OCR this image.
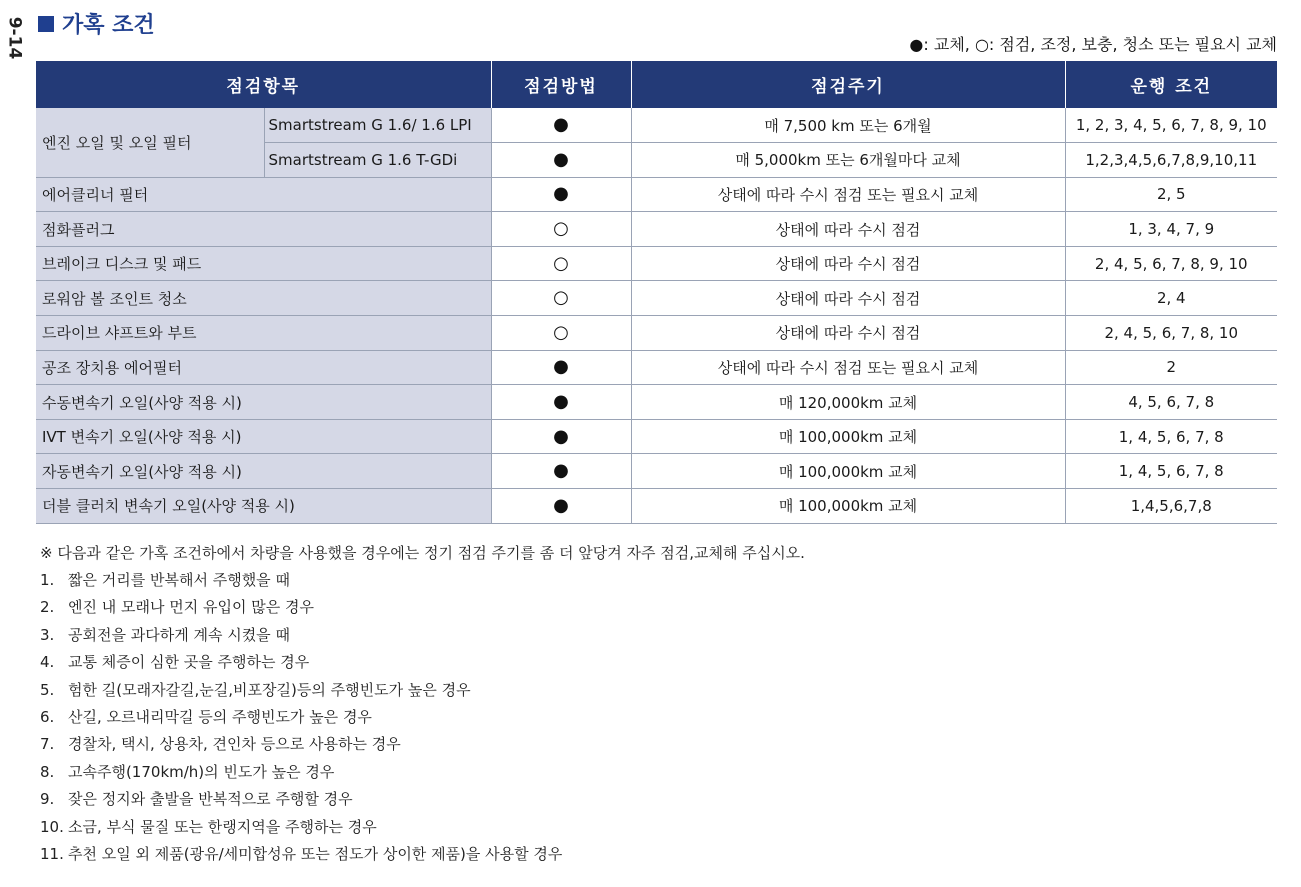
9-14 가혹 조건
●: 교체, ○: 점검, 조정, 보충, 청소 또는 필요시 교체
점검항목		점검방법	점검주기	운행 조건
엔진 오일 및 오일 필터	Smartstream G 1.6/ 1.6 LPI	●	매 7,500 km 또는 6개월	1, 2, 3, 4, 5, 6, 7, 8, 9, 10
	Smartstream G 1.6 T-GDi	●	매 5,000km 또는 6개월마다 교체	1,2,3,4,5,6,7,8,9,10,11
에어클리너 필터		●	상태에 따라 수시 점검 또는 필요시 교체	2, 5
점화플러그		○	상태에 따라 수시 점검	1, 3, 4, 7, 9
브레이크 디스크 및 패드		○	상태에 따라 수시 점검	2, 4, 5, 6, 7, 8, 9, 10
로워암 볼 조인트 청소		○	상태에 따라 수시 점검	2, 4
드라이브 샤프트와 부트		○	상태에 따라 수시 점검	2, 4, 5, 6, 7, 8, 10
공조 장치용 에어필터		●	상태에 따라 수시 점검 또는 필요시 교체	2
수동변속기 오일(사양 적용 시)		●	매 120,000km 교체	4, 5, 6, 7, 8
IVT 변속기 오일(사양 적용 시)		●	매 100,000km 교체	1, 4, 5, 6, 7, 8
자동변속기 오일(사양 적용 시)		●	매 100,000km 교체	1, 4, 5, 6, 7, 8
더블 클러치 변속기 오일(사양 적용 시)		●	매 100,000km 교체	1,4,5,6,7,8
※ 다음과 같은 가혹 조건하에서 차량을 사용했을 경우에는 정기 점검 주기를 좀 더 앞당겨 자주 점검,교체해 주십시오.
1. 짧은 거리를 반복해서 주행했을 때
2. 엔진 내 모래나 먼지 유입이 많은 경우
3. 공회전을 과다하게 계속 시켰을 때
4. 교통 체증이 심한 곳을 주행하는 경우
5. 험한 길(모래자갈길,눈길,비포장길)등의 주행빈도가 높은 경우
6. 산길, 오르내리막길 등의 주행빈도가 높은 경우
7. 경찰차, 택시, 상용차, 견인차 등으로 사용하는 경우
8. 고속주행(170km/h)의 빈도가 높은 경우
9. 잦은 정지와 출발을 반복적으로 주행할 경우
10. 소금, 부식 물질 또는 한랭지역을 주행하는 경우
11. 추천 오일 외 제품(광유/세미합성유 또는 점도가 상이한 제품)을 사용할 경우
